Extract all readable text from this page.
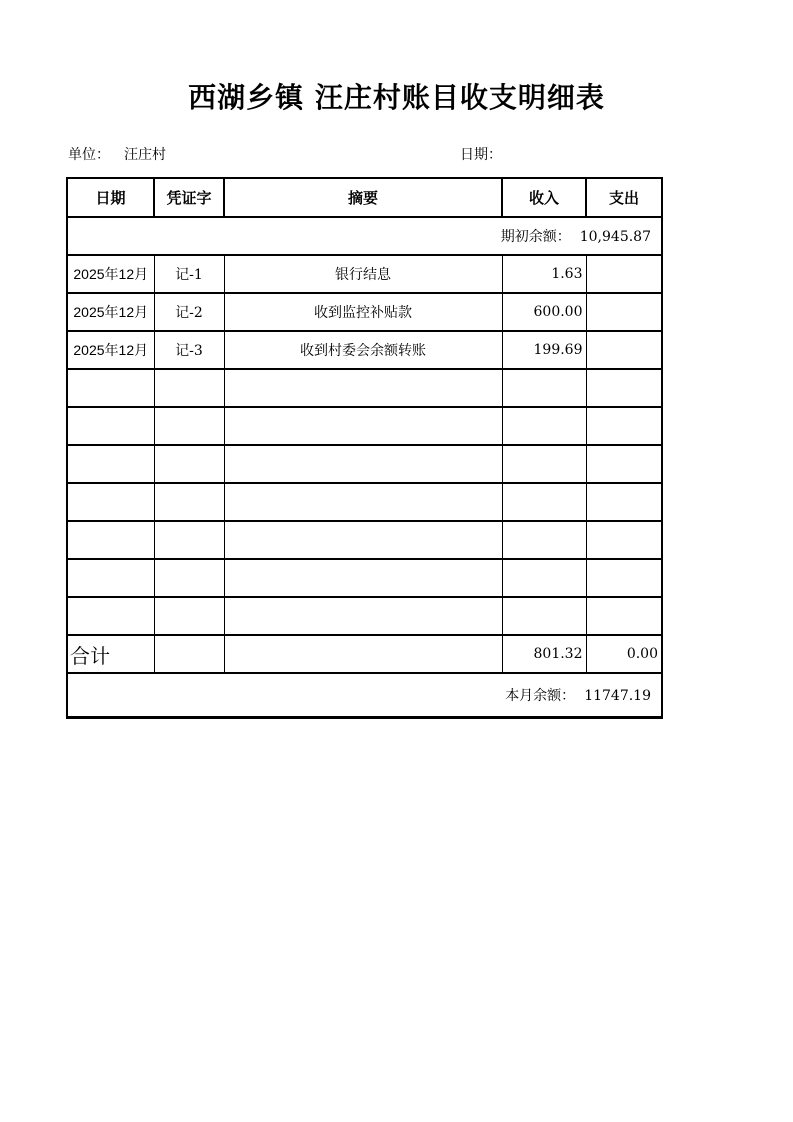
西湖乡镇 汪庄村账目收支明细表
单位： 汪庄村	日期：
日期	凭证字	摘要	收入	支出
期初余额： 10,945.87				
2025年12月	记-1	银行结息	1.63	
2025年12月	记-2	收到监控补贴款	600.00	
2025年12月	记-3	收到村委会余额转账	199.69	

合计			801.32	0.00
本月余额： 11747.19				
